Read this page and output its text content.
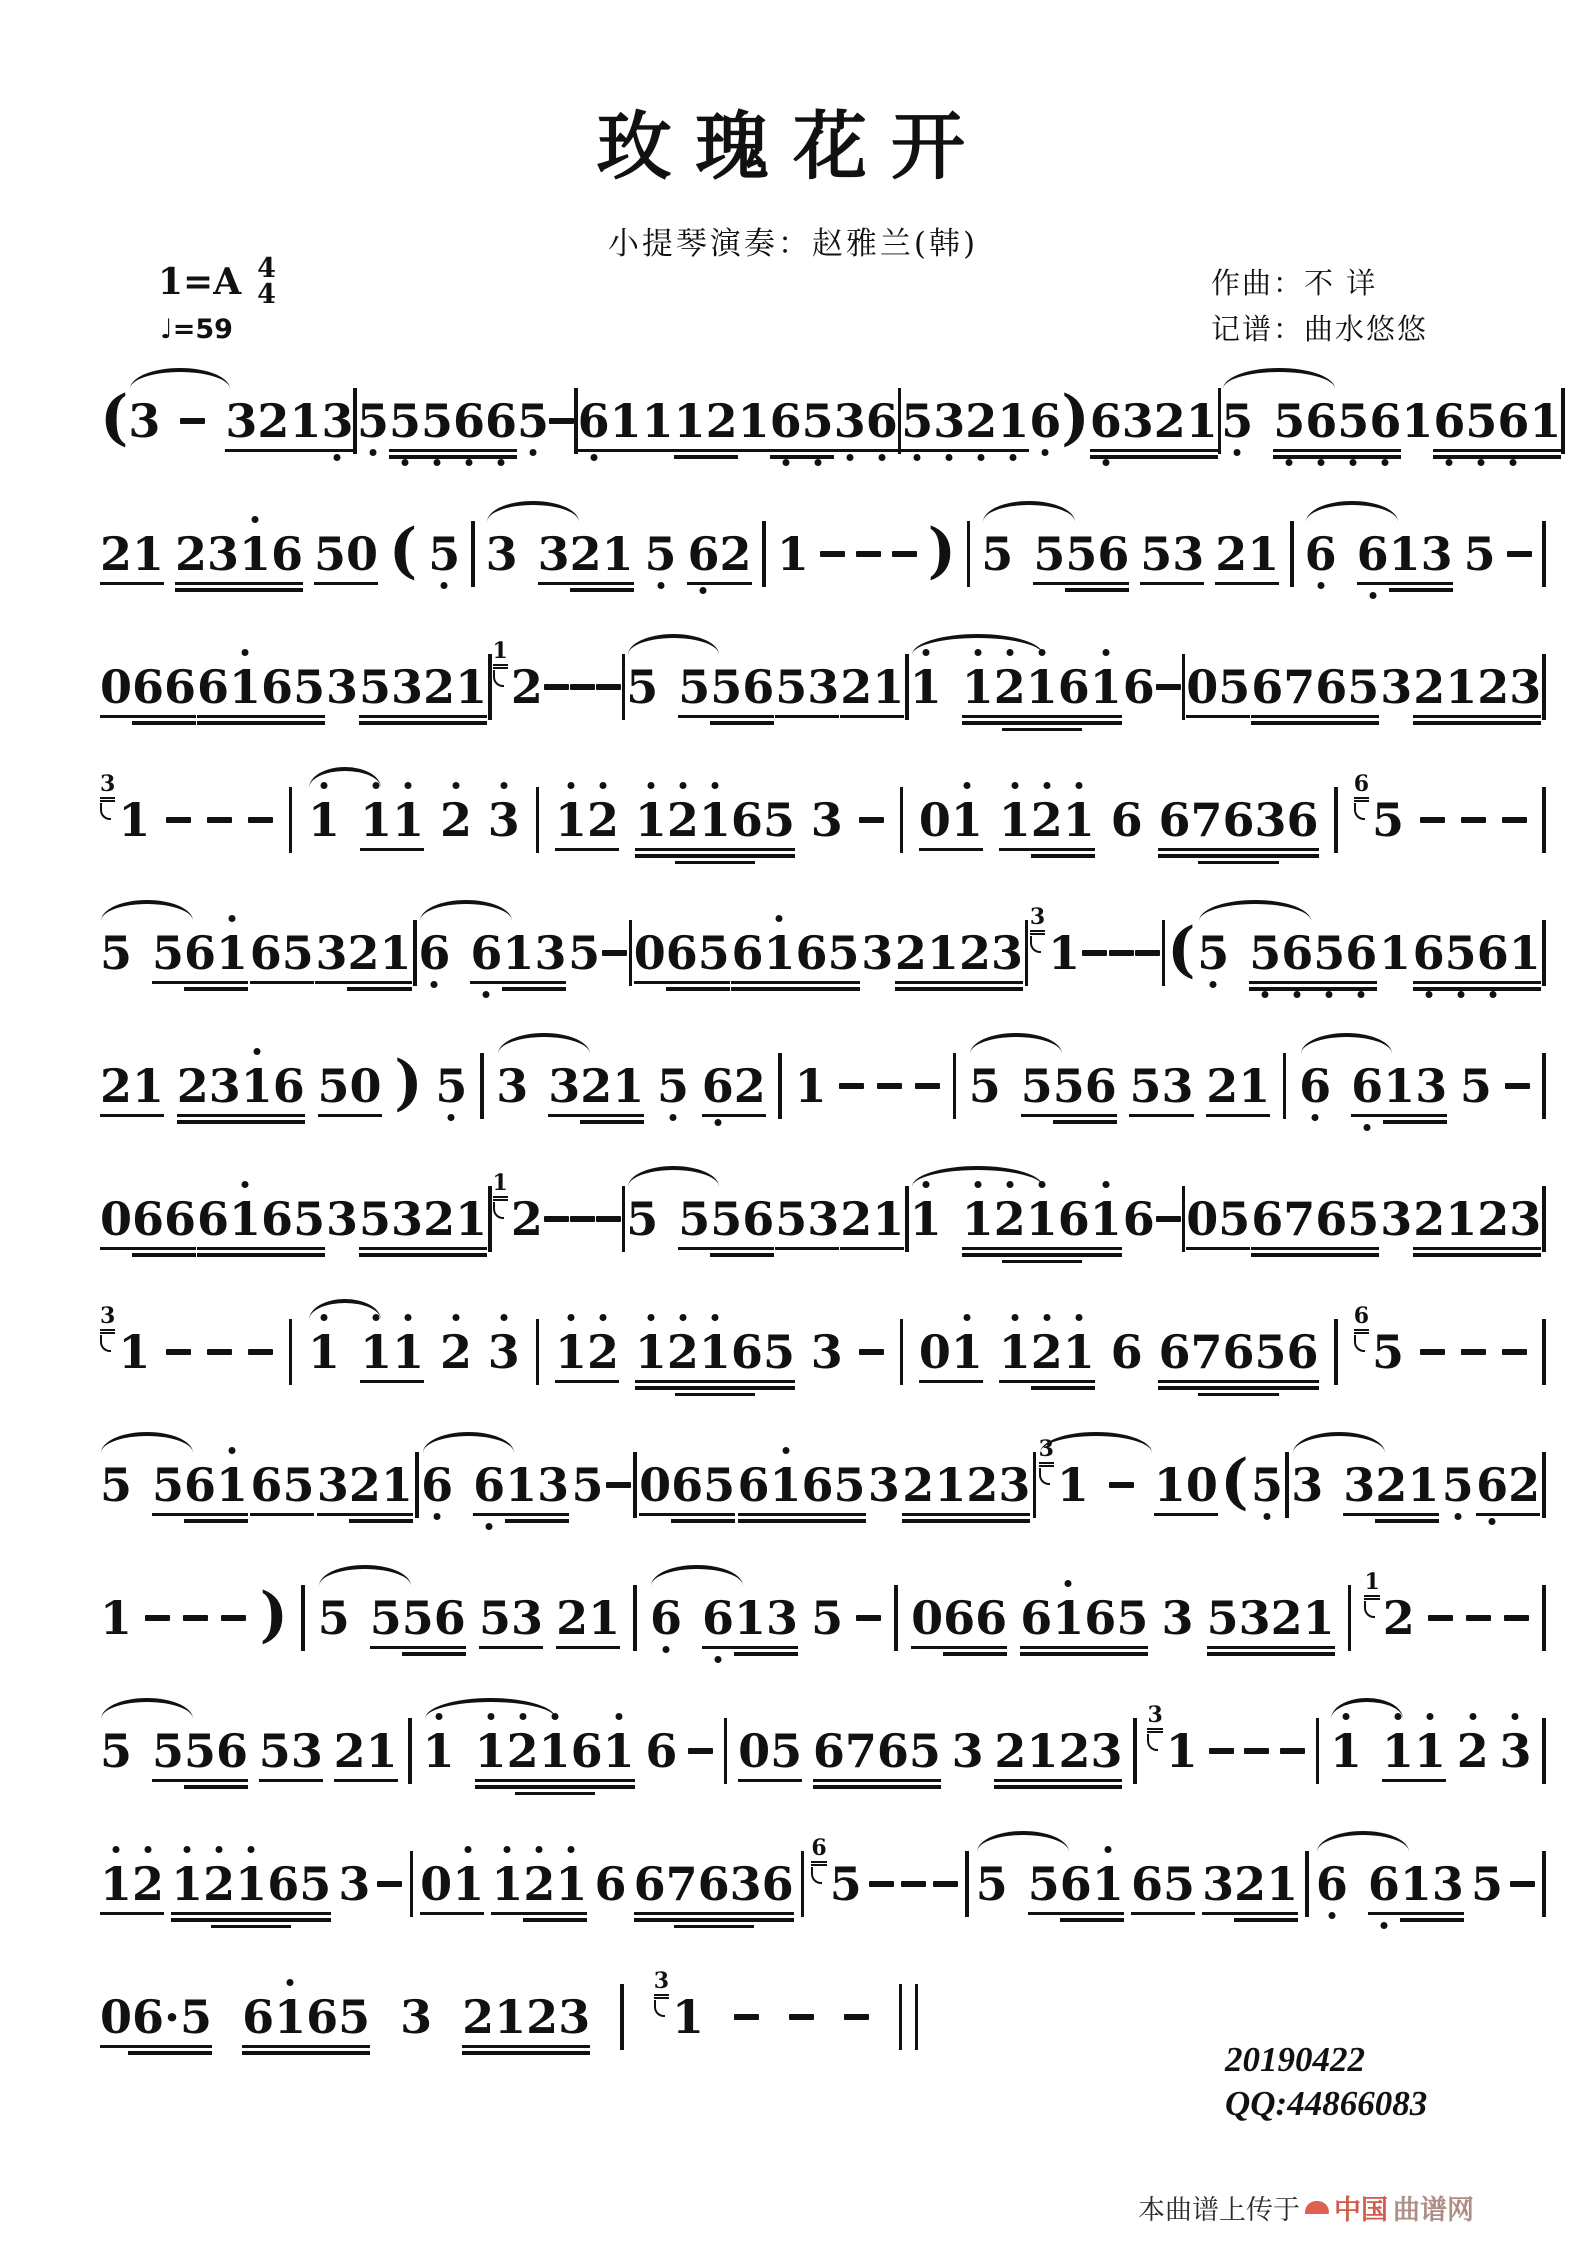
玫瑰花开
小提琴演奏：赵雅兰(韩)
1=A 4
4
♩=59
作曲：不 详
记谱：曲水悠悠
( 3 3 2 1 3 5 5 5 6 6 5 6 1 1 1 2 1 6 5 3 6 5 3 2 1 6 ) 6 3 2 1 5 5 6 5 6 1 6 5 6 1
2 1 2 3 1 6 5 0 ( 5 3 3 2 1 5 6 2 1 ) 5 5 5 6 5 3 2 1 6 6 1 3 5
0 6 6 6 1 6 5 3 5 3 2 1
1
2 5 5 5 6 5 3 2 1 1 1 2 1 6 1 6 0 5 6 7 6 5 3 2 1 2 3
3
1	1 1 1 2 3 1 2 1 2 1 6 5 3 0 1 1 2 1 6 6 7 6 3 6
6
5
5 5 6 1 6 5 3 2 1 6 6 1 3 5 0 6 5 6 1 6 5 3 2 1 2 3
3
1 ( 5 5 6 5 6 1 6 5 6 1
2 1 2 3 1 6 5 0 ) 5 3 3 2 1 5 6 2 1	5 5 5 6 5 3 2 1 6 6 1 3 5
0 6 6 6 1 6 5 3 5 3 2 1
1
2 5 5 5 6 5 3 2 1 1 1 2 1 6 1 6 0 5 6 7 6 5 3 2 1 2 3
3
1	1 1 1 2 3 1 2 1 2 1 6 5 3 0 1 1 2 1 6 6 7 6 5 6
6
5
5 5 6 1 6 5 3 2 1 6 6 1 3 5 0 6 5 6 1 6 5 3 2 1 2 3
3
1 1 0 ( 5 3 3 2 1 5 6 2
1 ) 5 5 5 6 5 3 2 1 6 6 1 3 5 0 6 6 6 1 6 5 3 5 3 2 1
1
2
5 5 5 6 5 3 2 1 1 1 2 1 6 1 6 0 5 6 7 6 5 3 2 1 2 3
3
1	1 1 1 2 3
1 2 1 2 1 6 5 3 0 1 1 2 1 6 6 7 6 3 6
6
5 5 5 6 1 6 5 3 2 1 6 6 1 3 5
0 6 · 5 6 1 6 5 3 2 1 2 3
3
1
20190422
QQ:44866083
本曲谱上传于 中国 曲谱网
